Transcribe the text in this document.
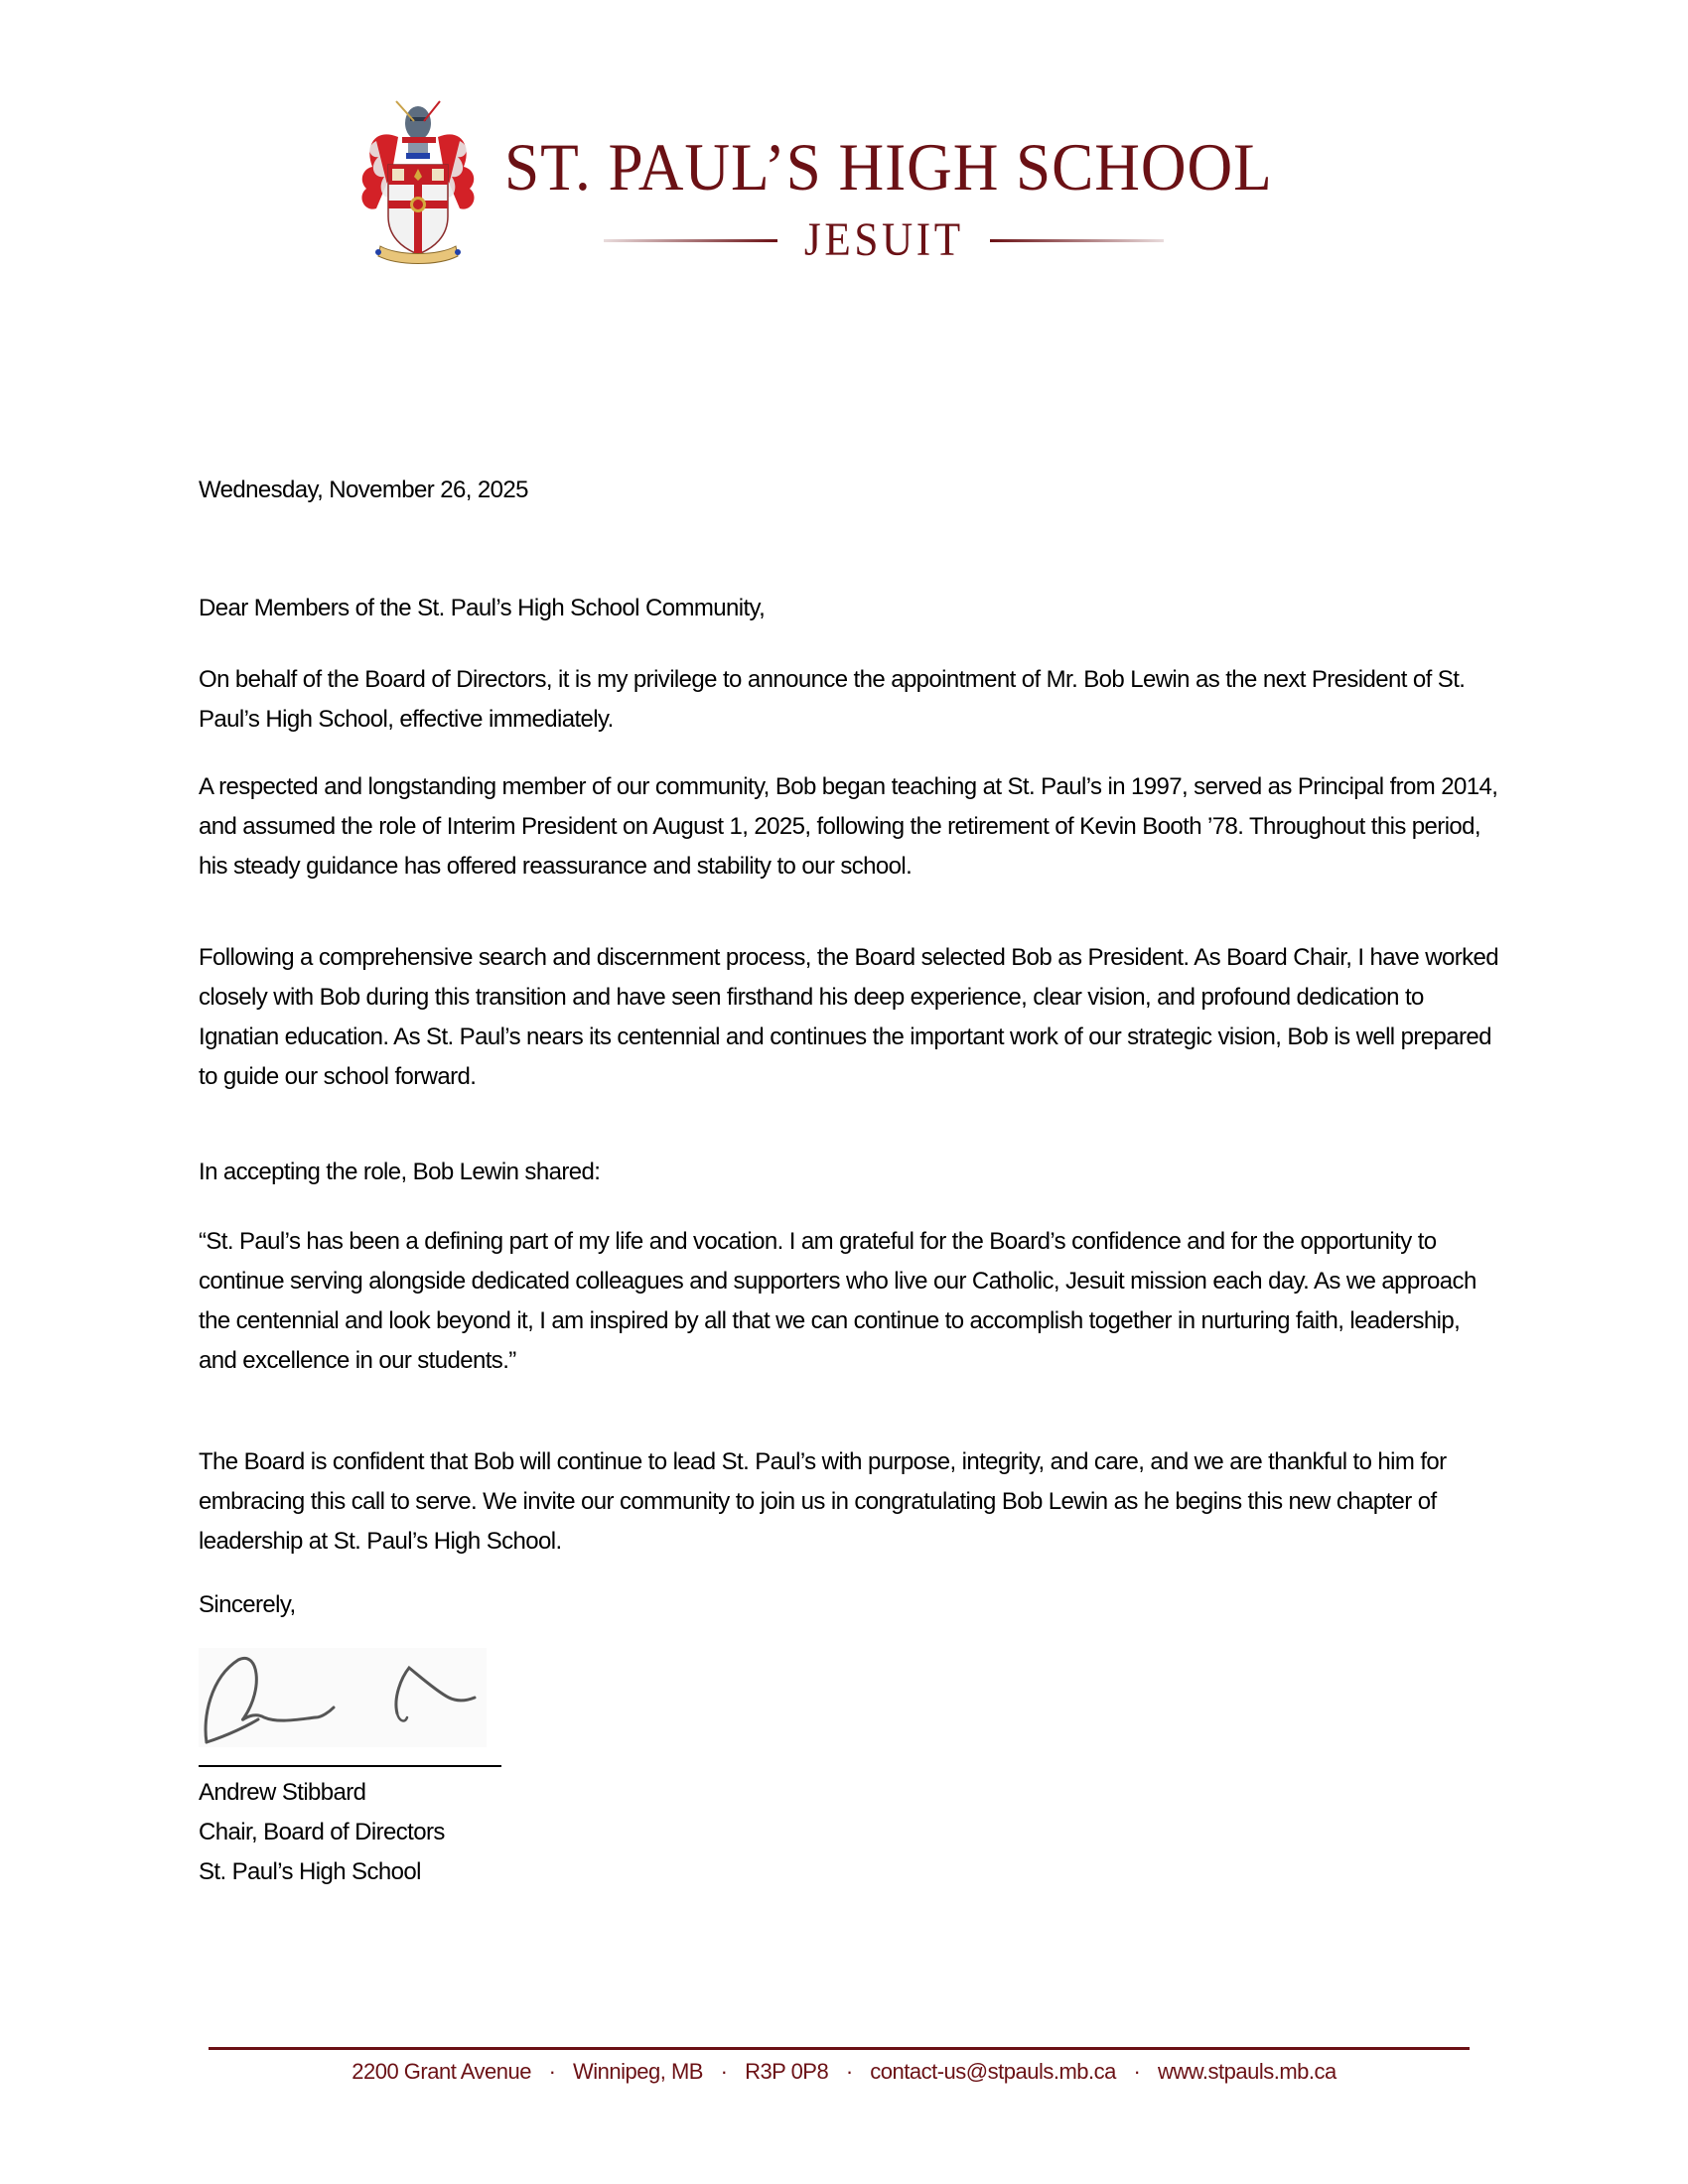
ST. PAUL’S HIGH SCHOOL
JESUIT
Wednesday, November 26, 2025
Dear Members of the St. Paul’s High School Community,
On behalf of the Board of Directors, it is my privilege to announce the appointment of Mr. Bob Lewin as the next President of St. Paul’s High School, effective immediately.
A respected and longstanding member of our community, Bob began teaching at St. Paul’s in 1997, served as Principal from 2014, and assumed the role of Interim President on August 1, 2025, following the retirement of Kevin Booth ’78. Throughout this period, his steady guidance has offered reassurance and stability to our school.
Following a comprehensive search and discernment process, the Board selected Bob as President. As Board Chair, I have worked closely with Bob during this transition and have seen firsthand his deep experience, clear vision, and profound dedication to Ignatian education. As St. Paul’s nears its centennial and continues the important work of our strategic vision, Bob is well prepared to guide our school forward.
In accepting the role, Bob Lewin shared:
“St. Paul’s has been a defining part of my life and vocation. I am grateful for the Board’s confidence and for the opportunity to continue serving alongside dedicated colleagues and supporters who live our Catholic, Jesuit mission each day. As we approach the centennial and look beyond it, I am inspired by all that we can continue to accomplish together in nurturing faith, leadership, and excellence in our students.”
The Board is confident that Bob will continue to lead St. Paul’s with purpose, integrity, and care, and we are thankful to him for embracing this call to serve. We invite our community to join us in congratulating Bob Lewin as he begins this new chapter of leadership at St. Paul’s High School.
Sincerely,
Andrew Stibbard
Chair, Board of Directors
St. Paul’s High School
2200 Grant Avenue · Winnipeg, MB · R3P 0P8 · contact-us@stpauls.mb.ca · www.stpauls.mb.ca
